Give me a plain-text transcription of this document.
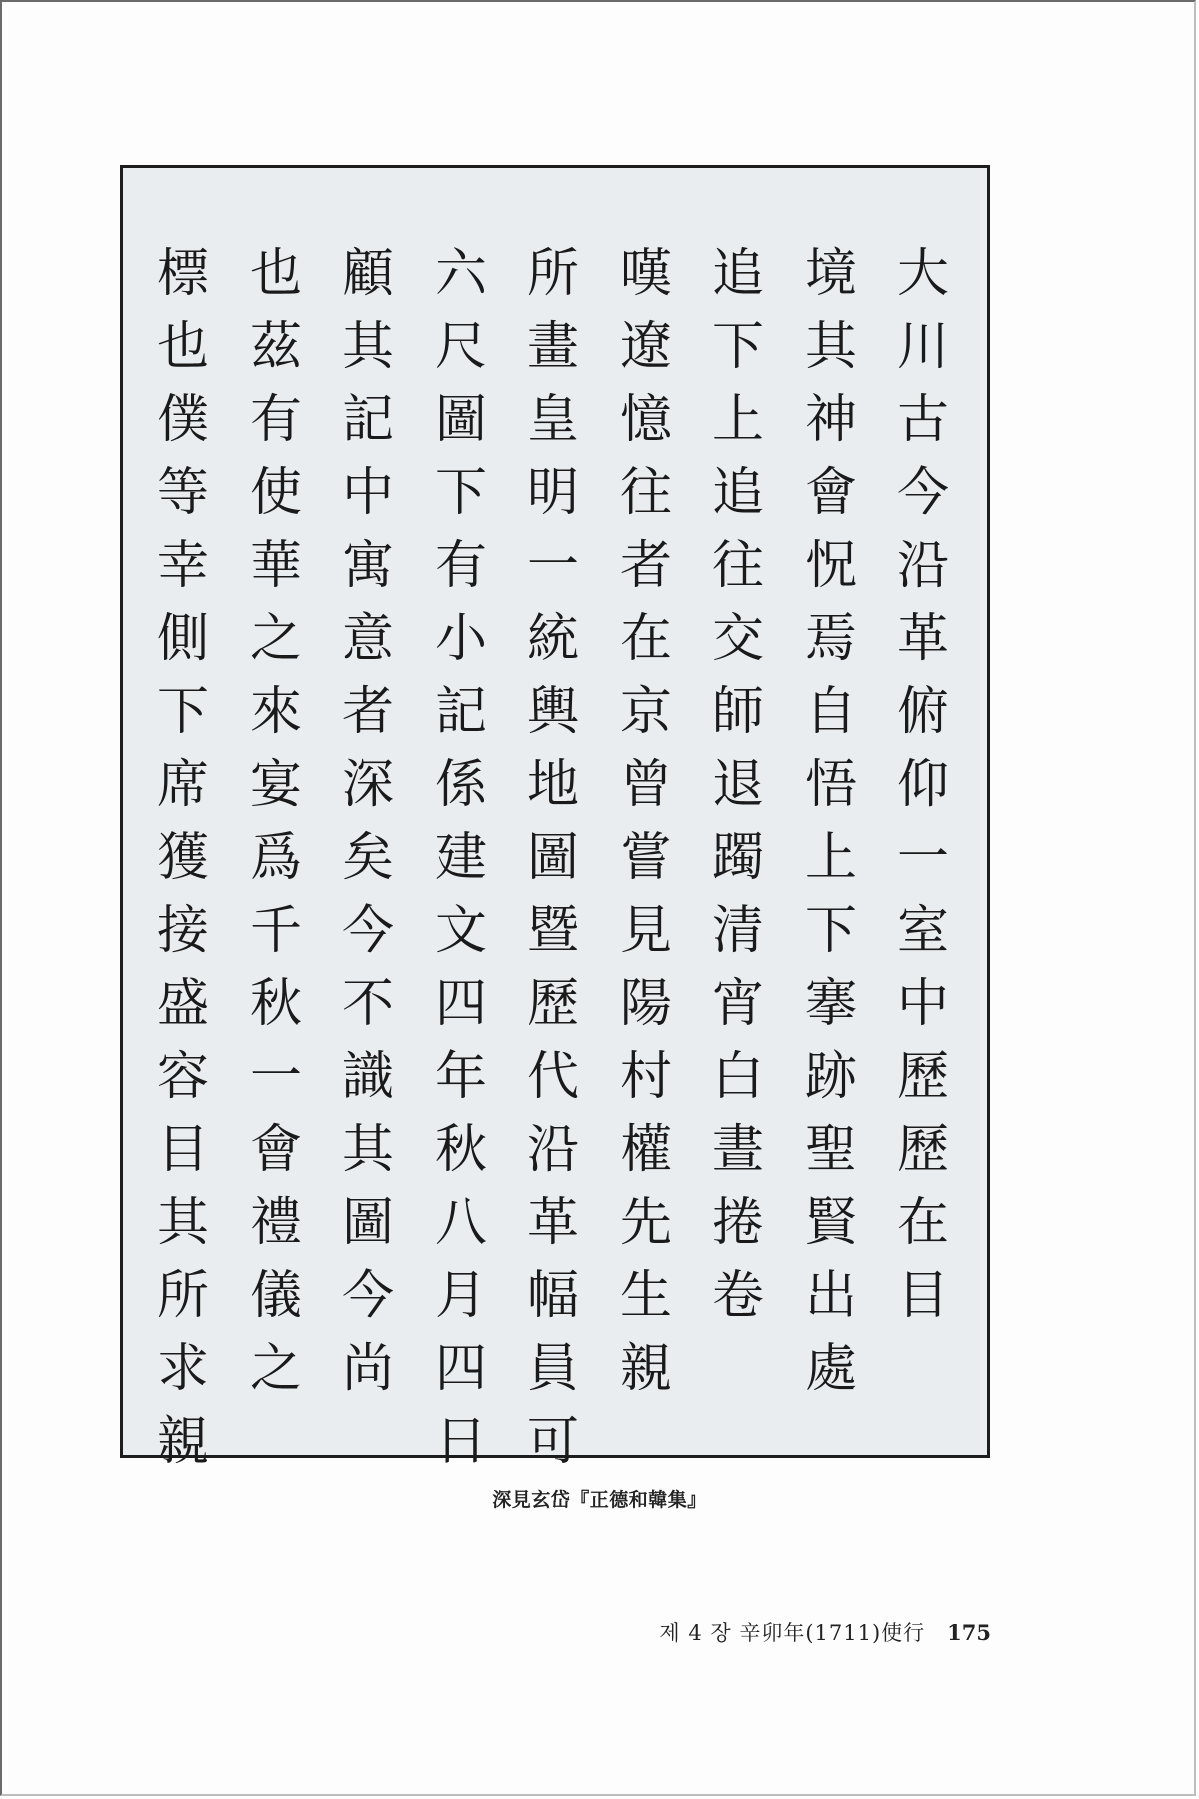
大
川
古
今
沿
革
俯
仰
一
室
中
歷
歷
在
目
境
其
神
會
怳
焉
自
悟
上
下
搴
跡
聖
賢
出
處
追
下
上
追
往
交
師
退
躅
清
宵
白
晝
捲
卷
嘆
遼
憶
往
者
在
京
曾
嘗
見
陽
村
權
先
生
親
所
畫
皇
明
一
統
輿
地
圖
暨
歷
代
沿
革
幅
員
可
六
尺
圖
下
有
小
記
係
建
文
四
年
秋
八
月
四
日
顧
其
記
中
寓
意
者
深
矣
今
不
識
其
圖
今
尚
也
茲
有
使
華
之
來
宴
爲
千
秋
一
會
禮
儀
之
標
也
僕
等
幸
側
下
席
獲
接
盛
容
目
其
所
求
親
深見玄岱『正德和韓集』
제 4 장 辛卯年(1711)使行 175
